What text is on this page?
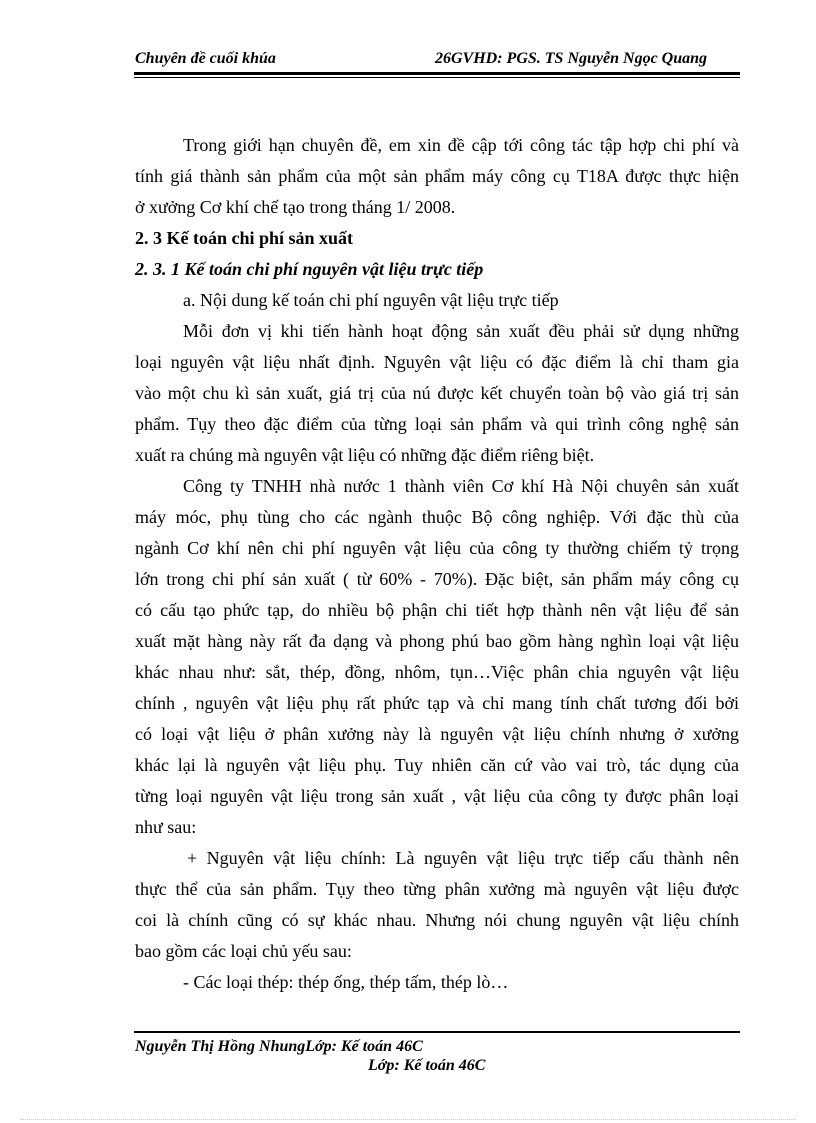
Chuyên đề cuối khúa	26GVHD: PGS. TS Nguyễn Ngọc Quang
Trong giới hạn chuyên đề, em xin đề cập tới công tác tập hợp chi phí và
tính giá thành sản phẩm của một sản phẩm máy công cụ T18A được thực hiện
ở xưởng Cơ khí chế tạo trong tháng 1/ 2008.
2. 3 Kế toán chi phí sản xuất
2. 3. 1 Kế toán chi phí nguyên vật liệu trực tiếp
a. Nội dung kế toán chi phí nguyên vật liệu trực tiếp
Mỗi đơn vị khi tiến hành hoạt động sản xuất đều phải sử dụng những
loại nguyên vật liệu nhất định. Nguyên vật liệu có đặc điểm là chỉ tham gia
vào một chu kì sản xuất, giá trị của nú được kết chuyển toàn bộ vào giá trị sản
phẩm. Tụy theo đặc điểm của từng loại sản phẩm và qui trình công nghệ sản
xuất ra chúng mà nguyên vật liệu có những đặc điểm riêng biệt.
Công ty TNHH nhà nước 1 thành viên Cơ khí Hà Nội chuyên sản xuất
máy móc, phụ tùng cho các ngành thuộc Bộ công nghiệp. Với đặc thù của
ngành Cơ khí nên chi phí nguyên vật liệu của công ty thường chiếm tỷ trọng
lớn trong chi phí sản xuất ( từ 60% - 70%). Đặc biệt, sản phẩm máy công cụ
có cấu tạo phức tạp, do nhiều bộ phận chi tiết hợp thành nên vật liệu để sản
xuất mặt hàng này rất đa dạng và phong phú bao gồm hàng nghìn loại vật liệu
khác nhau như: sắt, thép, đồng, nhôm, tụn…Việc phân chia nguyên vật liệu
chính , nguyên vật liệu phụ rất phức tạp và chỉ mang tính chất tương đối bởi
có loại vật liệu ở phân xưởng này là nguyên vật liệu chính nhưng ở xưởng
khác lại là nguyên vật liệu phụ. Tuy nhiên căn cứ vào vai trò, tác dụng của
từng loại nguyên vật liệu trong sản xuất , vật liệu của công ty được phân loại
như sau:
+ Nguyên vật liệu chính: Là nguyên vật liệu trực tiếp cấu thành nên
thực thể của sản phẩm. Tụy theo từng phân xưởng mà nguyên vật liệu được
coi là chính cũng có sự khác nhau. Nhưng nói chung nguyên vật liệu chính
bao gồm các loại chủ yếu sau:
- Các loại thép: thép ống, thép tấm, thép lò…
Nguyễn Thị Hồng NhungLớp: Kế toán 46C
Lớp: Kế toán 46C
